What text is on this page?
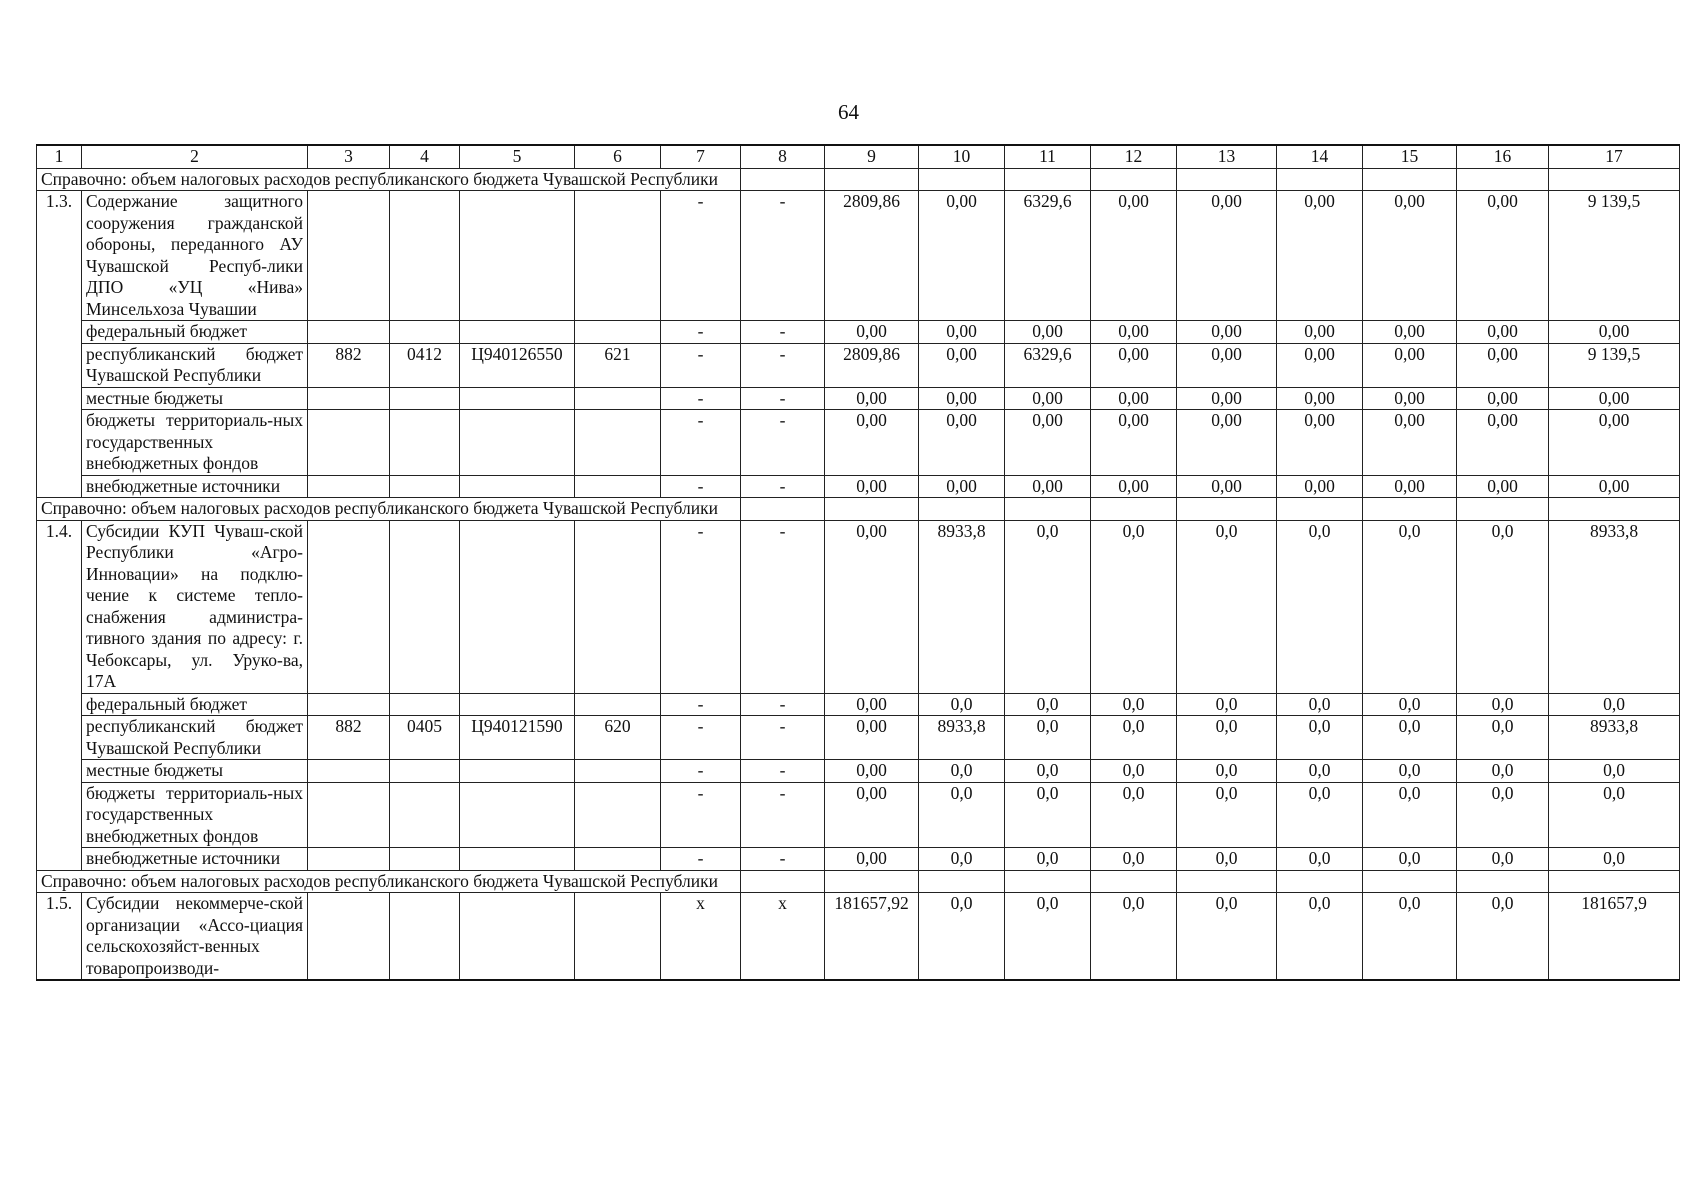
64
1	2	3	4	5	6	7	8	9	10	11	12	13	14	15	16	17
Справочно: объем налоговых расходов республиканского бюджета Чувашской Республики																
1.3.	Содержание защитного сооружения гражданской обороны, переданного АУ Чувашской Респуб-лики ДПО «УЦ «Нива» Минсельхоза Чувашии					-	-	2809,86	0,00	6329,6	0,00	0,00	0,00	0,00	0,00	9 139,5
	федеральный бюджет					-	-	0,00	0,00	0,00	0,00	0,00	0,00	0,00	0,00	0,00
	республиканский бюджет Чувашской Республики	882	0412	Ц940126550	621	-	-	2809,86	0,00	6329,6	0,00	0,00	0,00	0,00	0,00	9 139,5
	местные бюджеты					-	-	0,00	0,00	0,00	0,00	0,00	0,00	0,00	0,00	0,00
	бюджеты территориаль-ных государственных внебюджетных фондов					-	-	0,00	0,00	0,00	0,00	0,00	0,00	0,00	0,00	0,00
	внебюджетные источники					-	-	0,00	0,00	0,00	0,00	0,00	0,00	0,00	0,00	0,00
Справочно: объем налоговых расходов республиканского бюджета Чувашской Республики																
1.4.	Субсидии КУП Чуваш-ской Республики «Агро-Инновации» на подклю-чение к системе тепло-снабжения администра-тивного здания по адресу: г. Чебоксары, ул. Уруко-ва, 17А					-	-	0,00	8933,8	0,0	0,0	0,0	0,0	0,0	0,0	8933,8
	федеральный бюджет					-	-	0,00	0,0	0,0	0,0	0,0	0,0	0,0	0,0	0,0
	республиканский бюджет Чувашской Республики	882	0405	Ц940121590	620	-	-	0,00	8933,8	0,0	0,0	0,0	0,0	0,0	0,0	8933,8
	местные бюджеты					-	-	0,00	0,0	0,0	0,0	0,0	0,0	0,0	0,0	0,0
	бюджеты территориаль-ных государственных внебюджетных фондов					-	-	0,00	0,0	0,0	0,0	0,0	0,0	0,0	0,0	0,0
	внебюджетные источники					-	-	0,00	0,0	0,0	0,0	0,0	0,0	0,0	0,0	0,0
Справочно: объем налоговых расходов республиканского бюджета Чувашской Республики																
1.5.	Субсидии некоммерче-ской организации «Ассо-циация сельскохозяйст-венных товаропроизводи-					х	х	181657,92	0,0	0,0	0,0	0,0	0,0	0,0	0,0	181657,9
